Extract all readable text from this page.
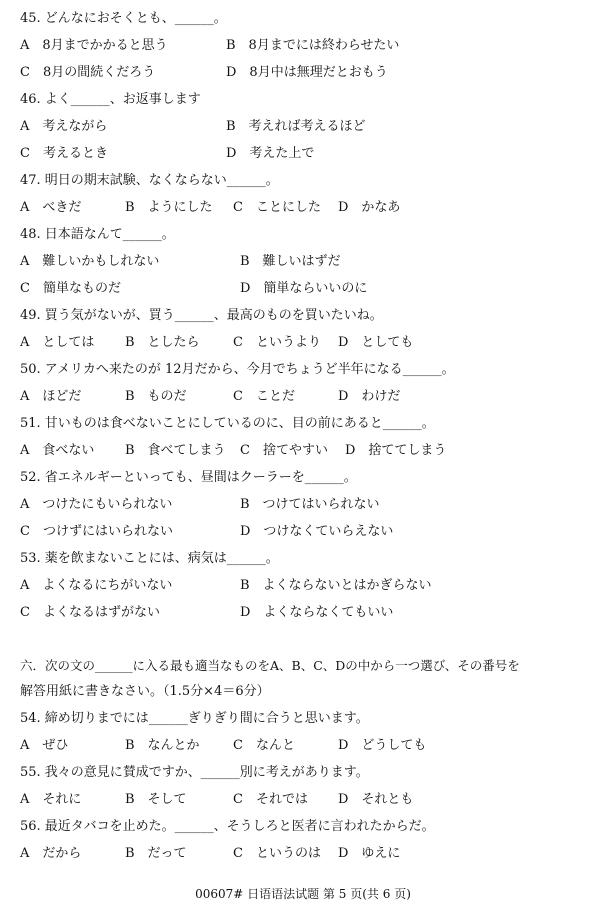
45. どんなにおそくとも、______。
A　8月までかかると思う	B　8月までには終わらせたい
C　8月の間続くだろう	D　8月中は無理だとおもう
46. よく______、お返事します
A　考えながら	B　考えれば考えるほど
C　考えるとき	D　考えた上で
47. 明日の期末試験、なくならない______。
A　べきだ	B　ようにした C　ことにした D　かなあ
48. 日本語なんて______。
A　難しいかもしれない	B　難しいはずだ
C　簡単なものだ	D　簡単ならいいのに
49. 買う気がないが、買う______、最高のものを買いたいね。
A　としては B　としたら	C　というより D　としても
50. アメリカへ来たのが 12月だから、今月でちょうど半年になる______。
A　ほどだ	B　ものだ	C　ことだ	D　わけだ
51. 甘いものは食べないことにしているのに、目の前にあると______。
A　食べない B　食べてしまう C　捨てやすい D　捨ててしまう
52. 省エネルギーといっても、昼間はクーラーを______。
A　つけたにもいられない	B　つけてはいられない
C　つけずにはいられない	D　つけなくていらえない
53. 薬を飲まないことには、病気は______。
A　よくなるにちがいない	B　よくならないとはかぎらない
C　よくなるはずがない	D　よくならなくてもいい
六．次の文の______に入る最も適当なものをA、B、C、Dの中から一つ選び、その番号を
解答用紙に書きなさい。（1.5分×4＝6分）
54. 締め切りまでには______ぎりぎり間に合うと思います。
A　ぜひ	B　なんとか	C　なんと	D　どうしても
55. 我々の意見に賛成ですか、______別に考えがあります。
A　それに	B　そして	C　それでは D　それとも
56. 最近タバコを止めた。______、そうしろと医者に言われたからだ。
A　だから	B　だって	C　というのは D　ゆえに
00607# 日语语法试题 第 5 页(共 6 页)
